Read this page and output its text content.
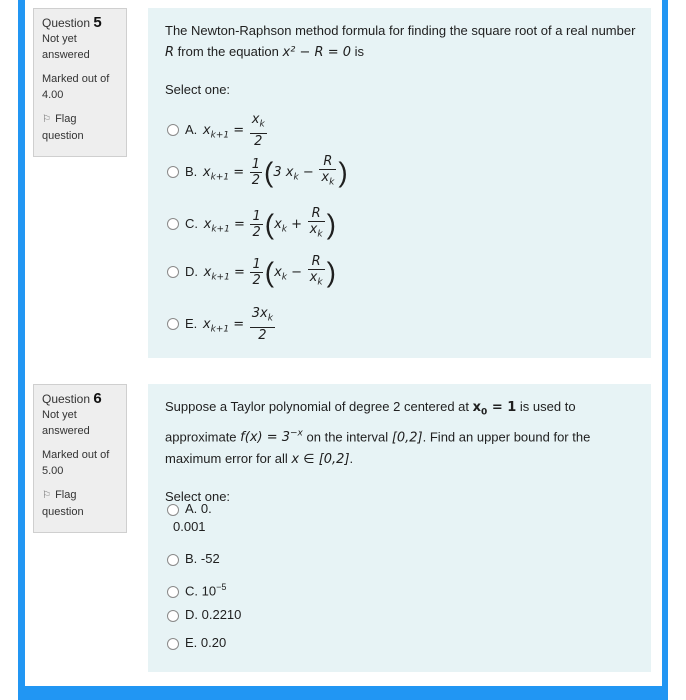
Question 5

Not yet answered

Marked out of 4.00

⚐ Flag question

The Newton-Raphson method formula for finding the square root of a real number R from the equation x² − R = 0 is

Select one:

A. $x_{k+1} = \frac{x_k}{2}$
B. $x_{k+1} = \frac{1}{2} (3$ $x_k - \frac{R}{x_k}$ )
C. $x_{k+1} = \frac{1}{2} (x_k + \frac{R}{x_k}$ )
D. $x_{k+1} = \frac{1}{2} (x_k - \frac{R}{x_k}$ )
E. $x_{k+1} = \frac{3x_k}{2}$

Question 6

Not yet answered

Marked out of 5.00

⚐ Flag question

Suppose a Taylor polynomial of degree 2 centered at $x_0 = 1$ is used to approximate $f(x) = 3^{-x}$ on the interval [0,2]. Find an upper bound for the maximum error for all x ∈ [0,2].

Select one:

A. 0.
0.001
B. -52
C. $10^{-5}$
D. 0.2210
E. 0.20
